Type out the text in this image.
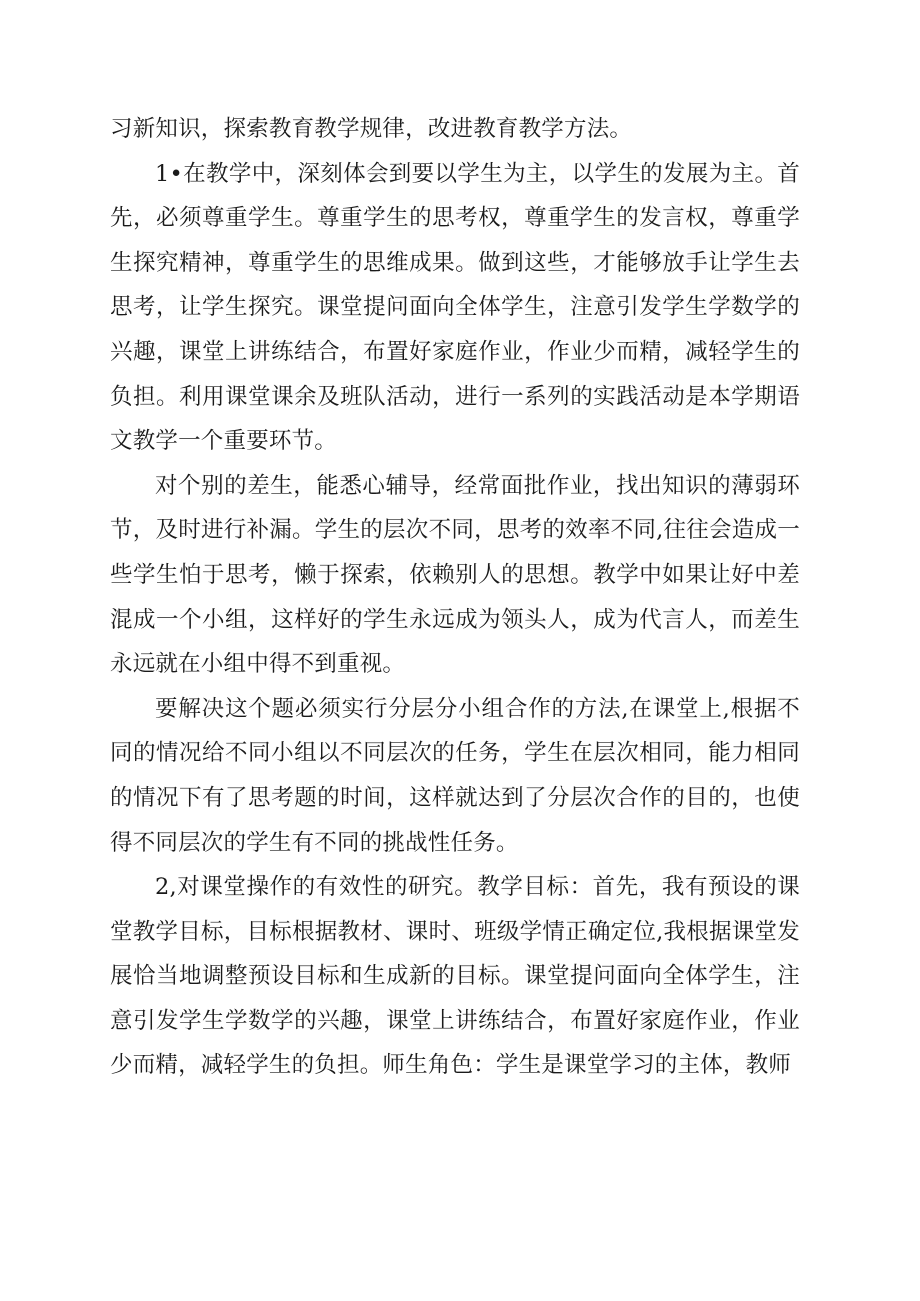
习新知识，探索教育教学规律，改进教育教学方法。

1•在教学中，深刻体会到要以学生为主，以学生的发展为主。首先，必须尊重学生。尊重学生的思考权，尊重学生的发言权，尊重学生探究精神，尊重学生的思维成果。做到这些，才能够放手让学生去思考，让学生探究。课堂提问面向全体学生，注意引发学生学数学的兴趣，课堂上讲练结合，布置好家庭作业，作业少而精，减轻学生的负担。利用课堂课余及班队活动，进行一系列的实践活动是本学期语文教学一个重要环节。

对个别的差生，能悉心辅导，经常面批作业，找出知识的薄弱环节，及时进行补漏。学生的层次不同，思考的效率不同,往往会造成一些学生怕于思考，懒于探索，依赖别人的思想。教学中如果让好中差混成一个小组，这样好的学生永远成为领头人，成为代言人，而差生永远就在小组中得不到重视。

要解决这个题必须实行分层分小组合作的方法,在课堂上,根据不同的情况给不同小组以不同层次的任务，学生在层次相同，能力相同的情况下有了思考题的时间，这样就达到了分层次合作的目的，也使得不同层次的学生有不同的挑战性任务。

2,对课堂操作的有效性的研究。教学目标：首先，我有预设的课堂教学目标，目标根据教材、课时、班级学情正确定位,我根据课堂发展恰当地调整预设目标和生成新的目标。课堂提问面向全体学生，注意引发学生学数学的兴趣，课堂上讲练结合，布置好家庭作业，作业少而精，减轻学生的负担。师生角色：学生是课堂学习的主体，教师
